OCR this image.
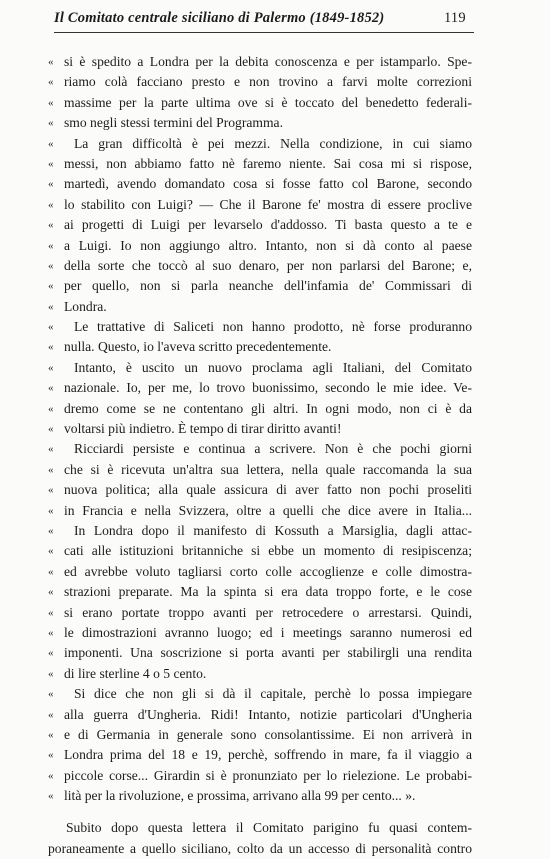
Il Comitato centrale siciliano di Palermo (1849-1852)	119
« si è spedito a Londra per la debita conoscenza e per istamparlo. Spe-
« riamo colà facciano presto e non trovino a farvi molte correzioni
« massime per la parte ultima ove si è toccato del benedetto federali-
« smo negli stessi termini del Programma.
«	La gran difficoltà è pei mezzi. Nella condizione, in cui siamo
« messi, non abbiamo fatto nè faremo niente. Sai cosa mi si rispose,
« martedì, avendo domandato cosa si fosse fatto col Barone, secondo
« lo stabilito con Luigi? — Che il Barone fe' mostra di essere proclive
« ai progetti di Luigi per levarselo d'addosso. Ti basta questo a te e
« a Luigi. Io non aggiungo altro. Intanto, non si dà conto al paese
« della sorte che toccò al suo denaro, per non parlarsi del Barone; e,
« per quello, non si parla neanche dell'infamia de' Commissari di
« Londra.
«	Le trattative di Saliceti non hanno prodotto, nè forse produranno
« nulla. Questo, io l'aveva scritto precedentemente.
«	Intanto, è uscito un nuovo proclama agli Italiani, del Comitato
« nazionale. Io, per me, lo trovo buonissimo, secondo le mie idee. Ve-
« dremo come se ne contentano gli altri. In ogni modo, non ci è da
« voltarsi più indietro. È tempo di tirar diritto avanti!
«	Ricciardi persiste e continua a scrivere. Non è che pochi giorni
« che si è ricevuta un'altra sua lettera, nella quale raccomanda la sua
« nuova politica; alla quale assicura di aver fatto non pochi proseliti
« in Francia e nella Svizzera, oltre a quelli che dice avere in Italia...
«	In Londra dopo il manifesto di Kossuth a Marsiglia, dagli attac-
« cati alle istituzioni britanniche si ebbe un momento di resipiscenza;
« ed avrebbe voluto tagliarsi corto colle accoglienze e colle dimostra-
« strazioni preparate. Ma la spinta si era data troppo forte, e le cose
« si erano portate troppo avanti per retrocedere o arrestarsi. Quindi,
« le dimostrazioni avranno luogo; ed i meetings saranno numerosi ed
« imponenti. Una soscrizione si porta avanti per stabilirgli una rendita
« di lire sterline 4 o 5 cento.
«	Si dice che non gli si dà il capitale, perchè lo possa impiegare
« alla guerra d'Ungheria. Ridi! Intanto, notizie particolari d'Ungheria
« e di Germania in generale sono consolantissime. Ei non arriverà in
« Londra prima del 18 e 19, perchè, soffrendo in mare, fa il viaggio a
« piccole corse... Girardin si è pronunziato per lo rielezione. Le probabi-
« lità per la rivoluzione, e prossima, arrivano alla 99 per cento... ».
Subito dopo questa lettera il Comitato parigino fu quasi contem-
poraneamente a quello siciliano, colto da un accesso di personalità contro
